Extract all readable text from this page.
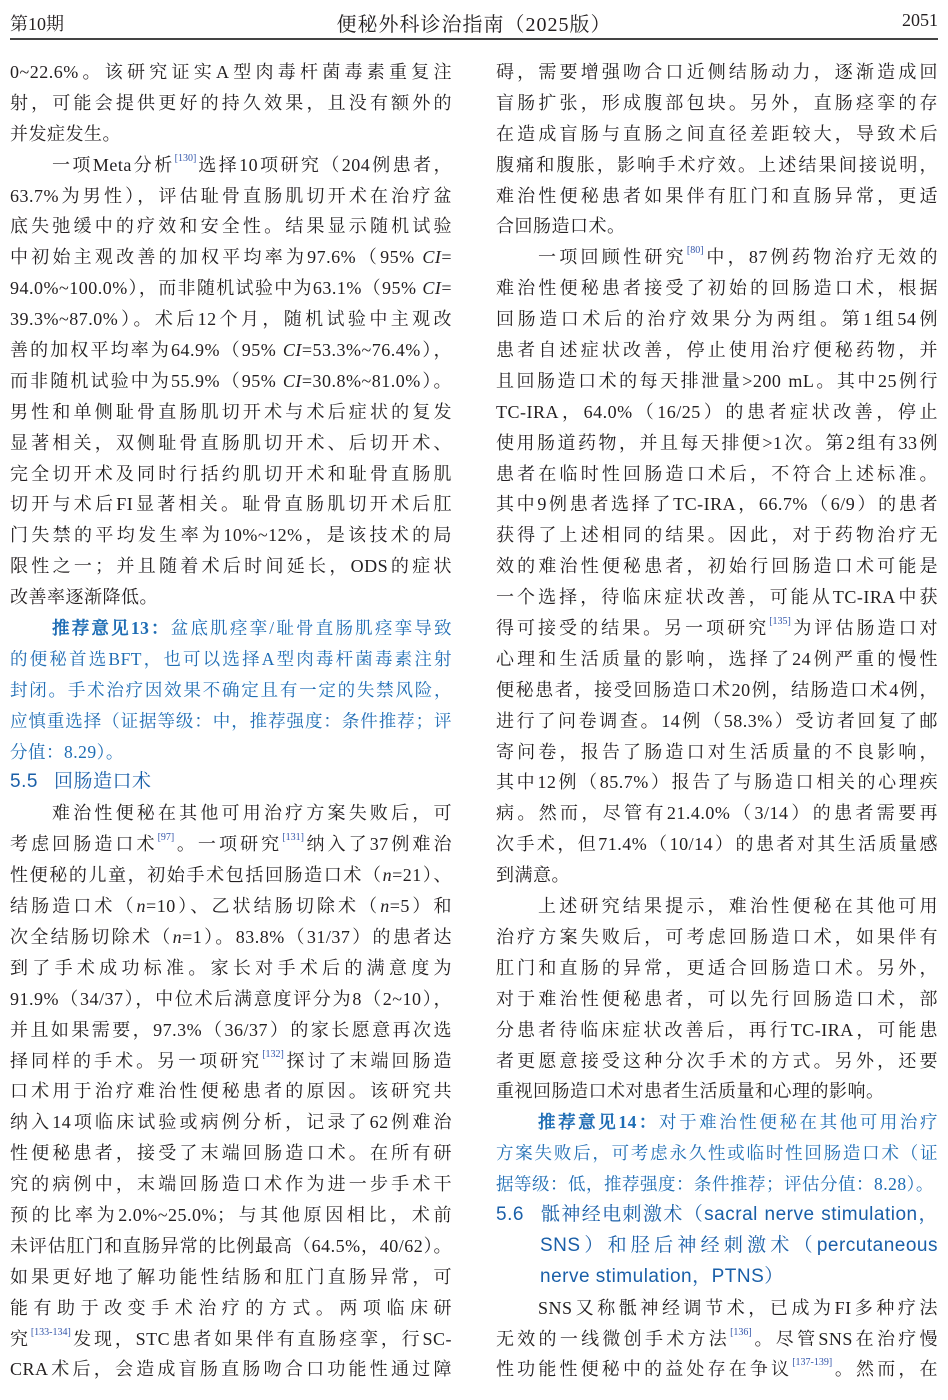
第10期	便秘外科诊治指南（2025版）	2051
0~22.6%。该研究证实A型肉毒杆菌毒素重复注
射，可能会提供更好的持久效果，且没有额外的
并发症发生。
一项Meta分析[130]选择10项研究（204例患者，
63.7%为男性），评估耻骨直肠肌切开术在治疗盆
底失弛缓中的疗效和安全性。结果显示随机试验
中初始主观改善的加权平均率为97.6%（95% CI=
94.0%~100.0%），而非随机试验中为63.1%（95% CI=
39.3%~87.0%）。术后12个月，随机试验中主观改
善的加权平均率为64.9%（95% CI=53.3%~76.4%），
而非随机试验中为55.9%（95% CI=30.8%~81.0%）。
男性和单侧耻骨直肠肌切开术与术后症状的复发
显著相关，双侧耻骨直肠肌切开术、后切开术、
完全切开术及同时行括约肌切开术和耻骨直肠肌
切开与术后FI显著相关。耻骨直肠肌切开术后肛
门失禁的平均发生率为10%~12%，是该技术的局
限性之一；并且随着术后时间延长，ODS的症状
改善率逐渐降低。
推荐意见13：盆底肌痉挛/耻骨直肠肌痉挛导致
的便秘首选BFT，也可以选择A型肉毒杆菌毒素注射
封闭。手术治疗因效果不确定且有一定的失禁风险，
应慎重选择（证据等级：中，推荐强度：条件推荐；评
分值：8.29）。
5.5 回肠造口术
难治性便秘在其他可用治疗方案失败后，可
考虑回肠造口术[97]。一项研究[131]纳入了37例难治
性便秘的儿童，初始手术包括回肠造口术（n=21）、
结肠造口术（n=10）、乙状结肠切除术（n=5）和
次全结肠切除术（n=1）。83.8%（31/37）的患者达
到了手术成功标准。家长对手术后的满意度为
91.9%（34/37），中位术后满意度评分为8（2~10），
并且如果需要，97.3%（36/37）的家长愿意再次选
择同样的手术。另一项研究[132]探讨了末端回肠造
口术用于治疗难治性便秘患者的原因。该研究共
纳入14项临床试验或病例分析，记录了62例难治
性便秘患者，接受了末端回肠造口术。在所有研
究的病例中，末端回肠造口术作为进一步手术干
预的比率为2.0%~25.0%；与其他原因相比，术前
未评估肛门和直肠异常的比例最高（64.5%，40/62）。
如果更好地了解功能性结肠和肛门直肠异常，可
能有助于改变手术治疗的方式。两项临床研
究[133-134]发现，STC患者如果伴有直肠痉挛，行SC-
CRA术后，会造成盲肠直肠吻合口功能性通过障
碍，需要增强吻合口近侧结肠动力，逐渐造成回
盲肠扩张，形成腹部包块。另外，直肠痉挛的存
在造成盲肠与直肠之间直径差距较大，导致术后
腹痛和腹胀，影响手术疗效。上述结果间接说明，
难治性便秘患者如果伴有肛门和直肠异常，更适
合回肠造口术。
一项回顾性研究[80]中，87例药物治疗无效的
难治性便秘患者接受了初始的回肠造口术，根据
回肠造口术后的治疗效果分为两组。第1组54例
患者自述症状改善，停止使用治疗便秘药物，并
且回肠造口术的每天排泄量>200 mL。其中25例行
TC-IRA，64.0%（16/25）的患者症状改善，停止
使用肠道药物，并且每天排便>1次。第2组有33例
患者在临时性回肠造口术后，不符合上述标准。
其中9例患者选择了TC-IRA，66.7%（6/9）的患者
获得了上述相同的结果。因此，对于药物治疗无
效的难治性便秘患者，初始行回肠造口术可能是
一个选择，待临床症状改善，可能从TC-IRA中获
得可接受的结果。另一项研究[135]为评估肠造口对
心理和生活质量的影响，选择了24例严重的慢性
便秘患者，接受回肠造口术20例，结肠造口术4例，
进行了问卷调查。14例（58.3%）受访者回复了邮
寄问卷，报告了肠造口对生活质量的不良影响，
其中12例（85.7%）报告了与肠造口相关的心理疾
病。然而，尽管有21.4.0%（3/14）的患者需要再
次手术，但71.4%（10/14）的患者对其生活质量感
到满意。
上述研究结果提示，难治性便秘在其他可用
治疗方案失败后，可考虑回肠造口术，如果伴有
肛门和直肠的异常，更适合回肠造口术。另外，
对于难治性便秘患者，可以先行回肠造口术，部
分患者待临床症状改善后，再行TC-IRA，可能患
者更愿意接受这种分次手术的方式。另外，还要
重视回肠造口术对患者生活质量和心理的影响。
推荐意见14：对于难治性便秘在其他可用治疗
方案失败后，可考虑永久性或临时性回肠造口术（证
据等级：低，推荐强度：条件推荐；评估分值：8.28）。
5.6 骶神经电刺激术（sacral nerve stimulation，
SNS）和胫后神经刺激术（percutaneous
nerve stimulation，PTNS）
SNS又称骶神经调节术，已成为FI多种疗法
无效的一线微创手术方法[136]。尽管SNS在治疗慢
性功能性便秘中的益处存在争议[137-139]。然而，在
